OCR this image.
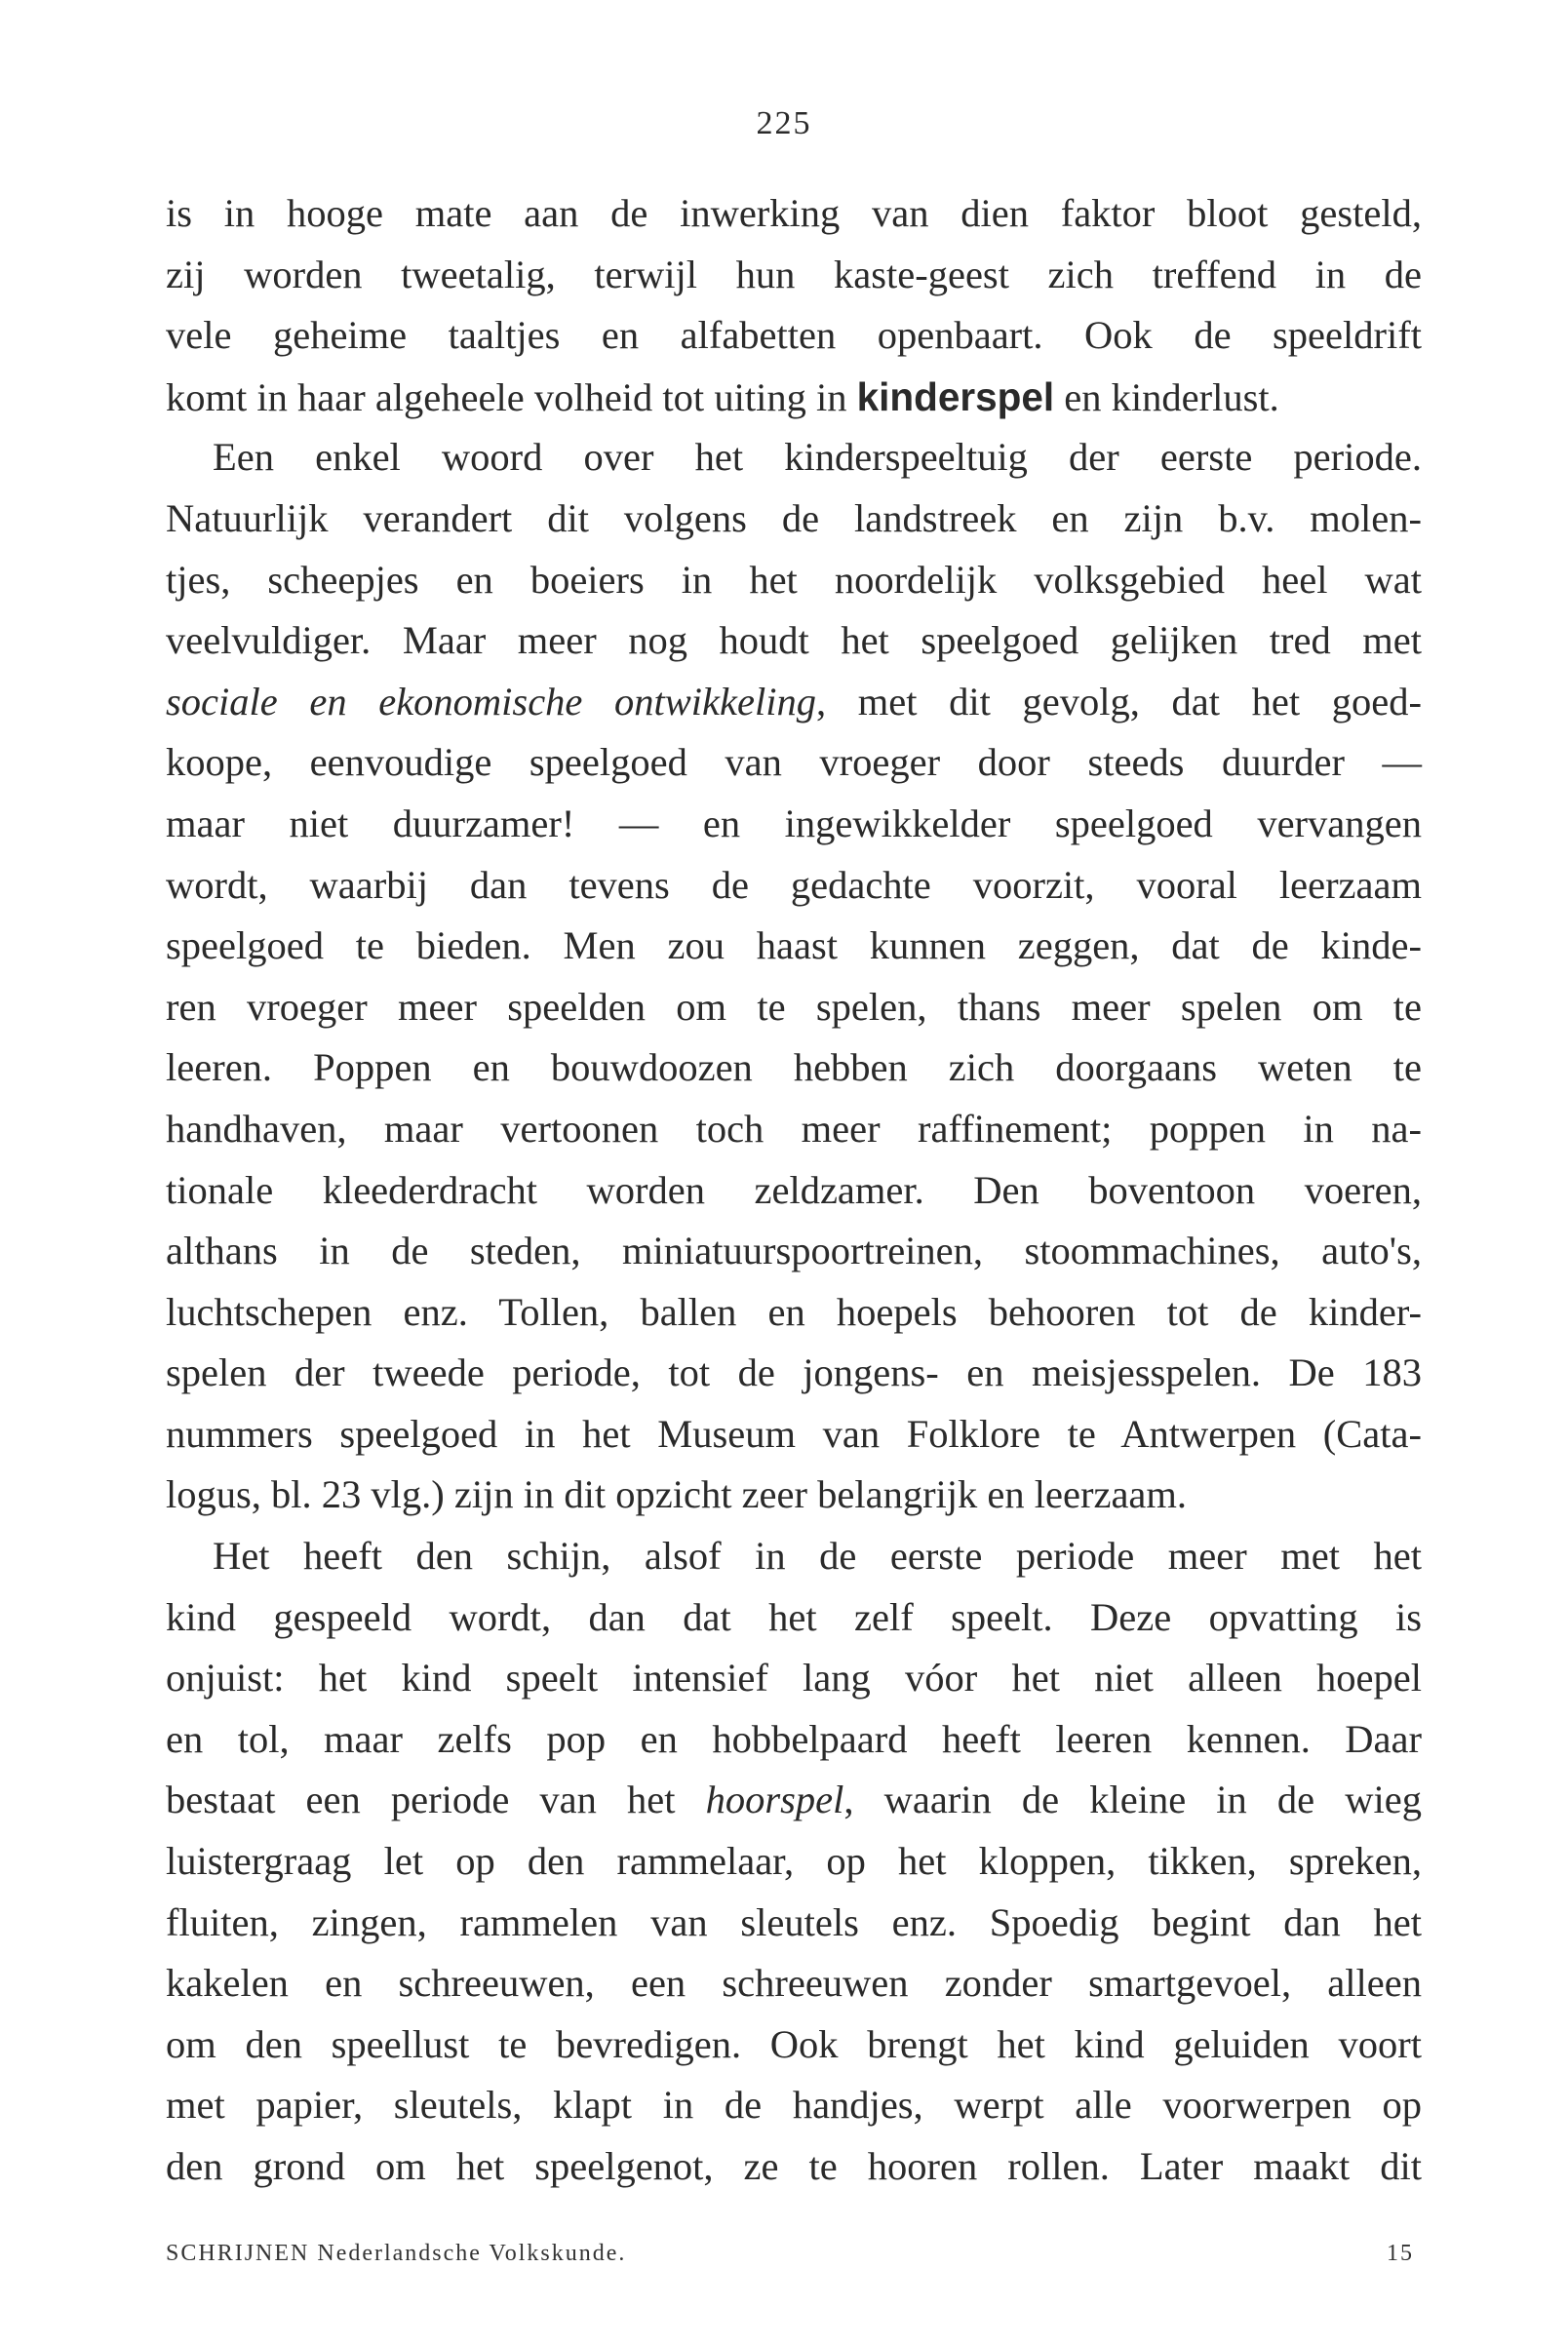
225
is in hooge mate aan de inwerking van dien faktor bloot gesteld,
zij worden tweetalig, terwijl hun kaste-geest zich treffend in de
vele geheime taaltjes en alfabetten openbaart. Ook de speeldrift
komt in haar algeheele volheid tot uiting in kinderspel en kinderlust.
Een enkel woord over het kinderspeeltuig der eerste periode.
Natuurlijk verandert dit volgens de landstreek en zijn b.v. molen-
tjes, scheepjes en boeiers in het noordelijk volksgebied heel wat
veelvuldiger. Maar meer nog houdt het speelgoed gelijken tred met
sociale en ekonomische ontwikkeling, met dit gevolg, dat het goed-
koope, eenvoudige speelgoed van vroeger door steeds duurder —
maar niet duurzamer! — en ingewikkelder speelgoed vervangen
wordt, waarbij dan tevens de gedachte voorzit, vooral leerzaam
speelgoed te bieden. Men zou haast kunnen zeggen, dat de kinde-
ren vroeger meer speelden om te spelen, thans meer spelen om te
leeren. Poppen en bouwdoozen hebben zich doorgaans weten te
handhaven, maar vertoonen toch meer raffinement; poppen in na-
tionale kleederdracht worden zeldzamer. Den boventoon voeren,
althans in de steden, miniatuurspoortreinen, stoommachines, auto's,
luchtschepen enz. Tollen, ballen en hoepels behooren tot de kinder-
spelen der tweede periode, tot de jongens- en meisjesspelen. De 183
nummers speelgoed in het Museum van Folklore te Antwerpen (Cata-
logus, bl. 23 vlg.) zijn in dit opzicht zeer belangrijk en leerzaam.
Het heeft den schijn, alsof in de eerste periode meer met het
kind gespeeld wordt, dan dat het zelf speelt. Deze opvatting is
onjuist: het kind speelt intensief lang vóor het niet alleen hoepel
en tol, maar zelfs pop en hobbelpaard heeft leeren kennen. Daar
bestaat een periode van het hoorspel, waarin de kleine in de wieg
luistergraag let op den rammelaar, op het kloppen, tikken, spreken,
fluiten, zingen, rammelen van sleutels enz. Spoedig begint dan het
kakelen en schreeuwen, een schreeuwen zonder smartgevoel, alleen
om den speellust te bevredigen. Ook brengt het kind geluiden voort
met papier, sleutels, klapt in de handjes, werpt alle voorwerpen op
den grond om het speelgenot, ze te hooren rollen. Later maakt dit
SCHRIJNEN Nederlandsche Volkskunde.	15
